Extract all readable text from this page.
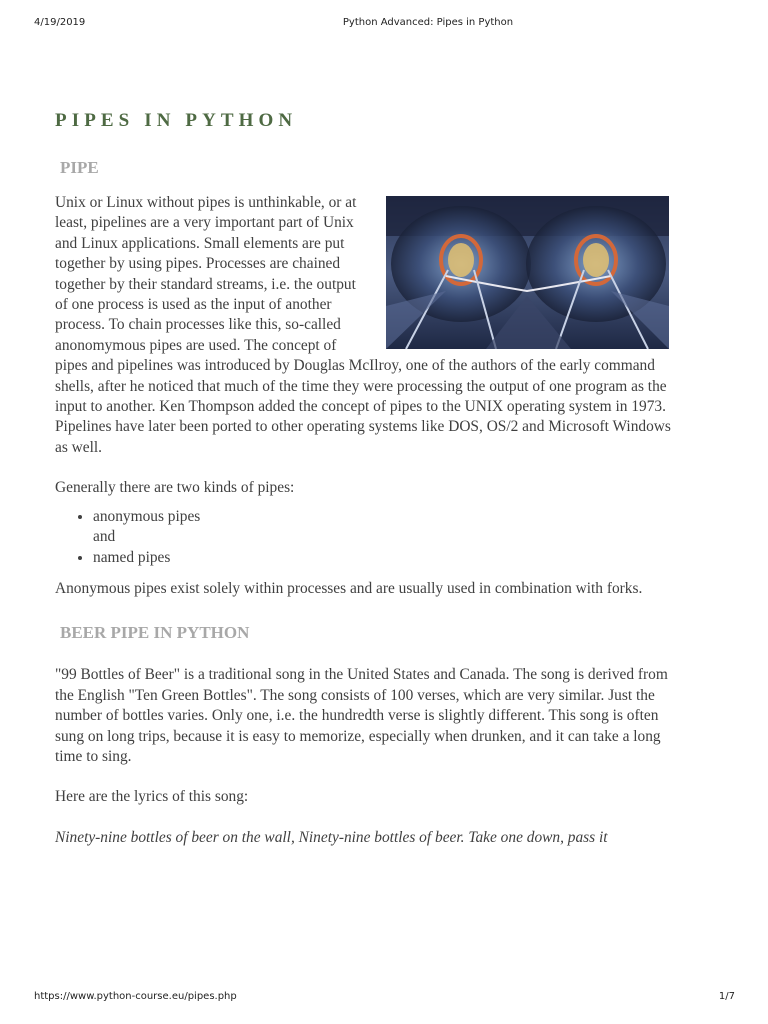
4/19/2019	Python Advanced: Pipes in Python
PIPES IN PYTHON
PIPE

Unix or Linux without pipes is unthinkable, or at least, pipelines are a very important part of Unix and Linux applications. Small elements are put together by using pipes. Processes are chained together by their standard streams, i.e. the output of one process is used as the input of another process. To chain processes like this, so-called anonomymous pipes are used. The concept of pipes and pipelines was introduced by Douglas McIlroy, one of the authors of the early command shells, after he noticed that much of the time they were processing the output of one program as the input to another. Ken Thompson added the concept of pipes to the UNIX operating system in 1973. Pipelines have later been ported to other operating systems like DOS, OS/2 and Microsoft Windows as well.

Generally there are two kinds of pipes:

• anonymous pipes
and
• named pipes

Anonymous pipes exist solely within processes and are usually used in combination with forks.

BEER PIPE IN PYTHON

"99 Bottles of Beer" is a traditional song in the United States and Canada. The song is derived from the English "Ten Green Bottles". The song consists of 100 verses, which are very similar. Just the number of bottles varies. Only one, i.e. the hundredth verse is slightly different. This song is often sung on long trips, because it is easy to memorize, especially when drunken, and it can take a long time to sing.

Here are the lyrics of this song:

Ninety-nine bottles of beer on the wall, Ninety-nine bottles of beer. Take one down, pass it

https://www.python-course.eu/pipes.php	1/7
